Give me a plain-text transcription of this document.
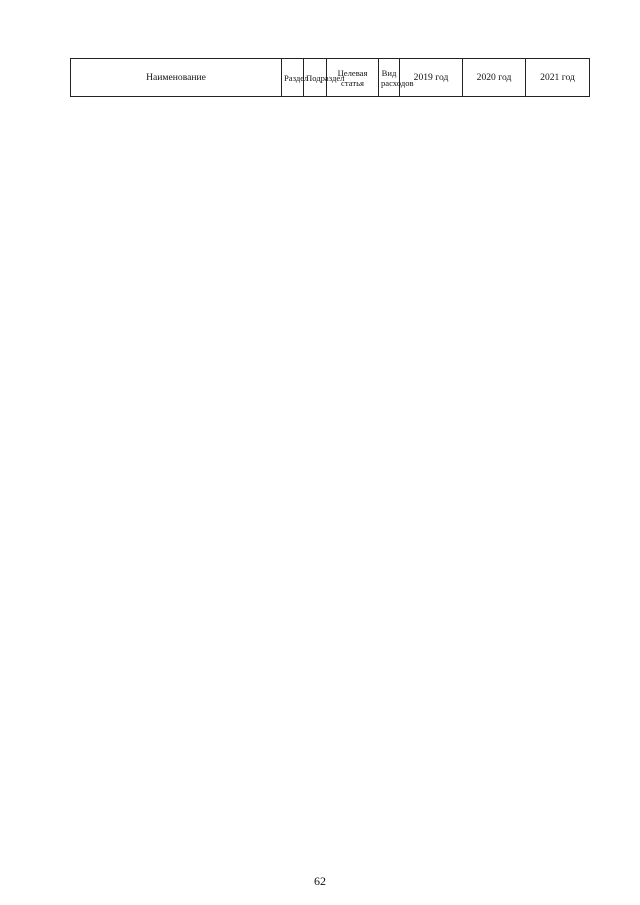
Наименование	Раздел	Подраздел	Целевая статья	Вид расходов	2019 год	2020 год	2021 год
62
